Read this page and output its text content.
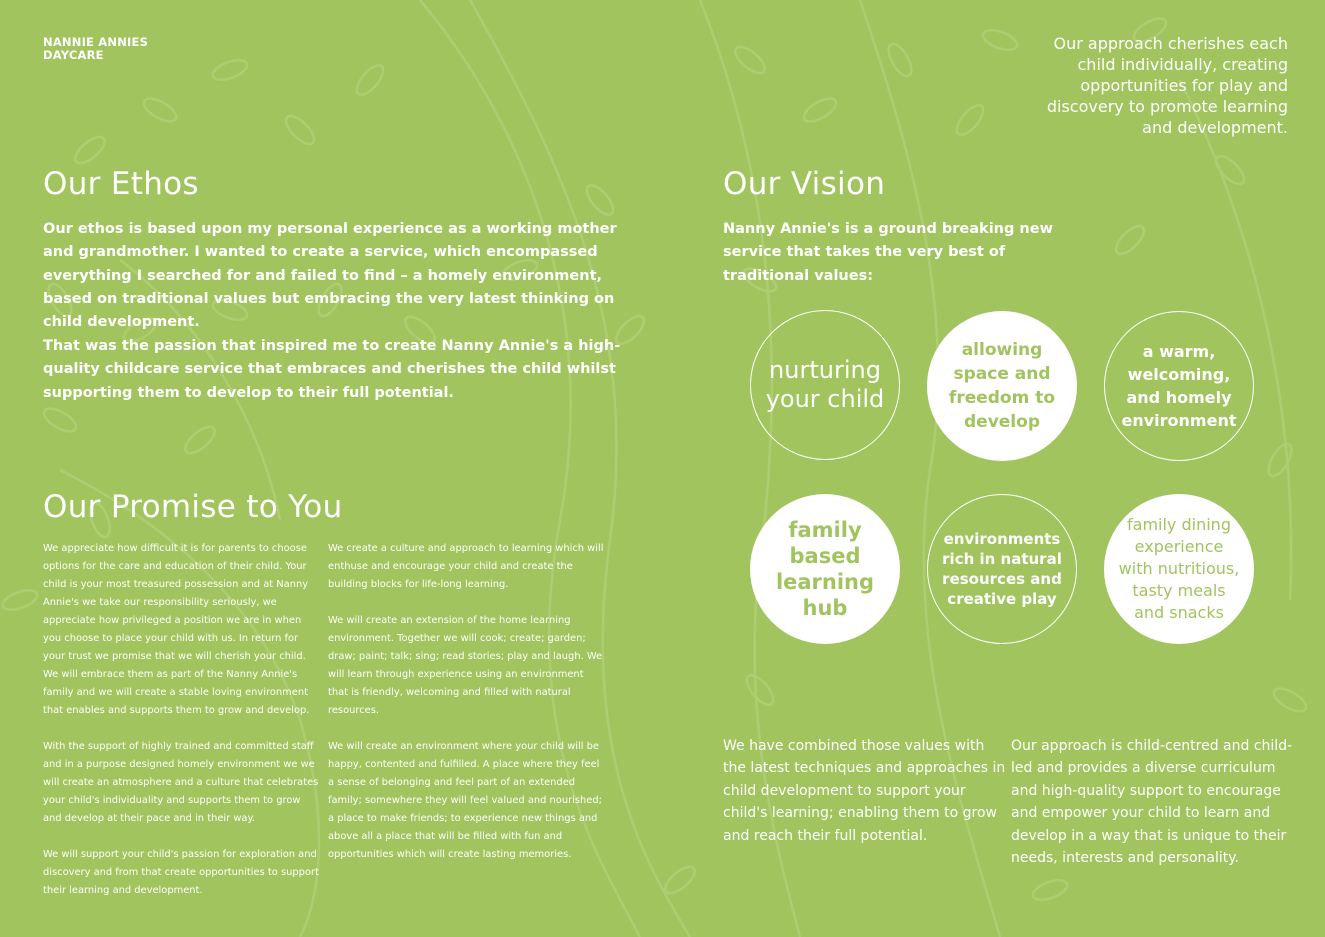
NANNIE ANNIES
DAYCARE
Our approach cherishes each child individually, creating opportunities for play and discovery to promote learning and development.
Our Ethos

Our ethos is based upon my personal experience as a working mother and grandmother. I wanted to create a service, which encompassed everything I searched for and failed to find – a homely environment, based on traditional values but embracing the very latest thinking on child development.

That was the passion that inspired me to create Nanny Annie's a high-quality childcare service that embraces and cherishes the child whilst supporting them to develop to their full potential.

Our Promise to You

We appreciate how difficult it is for parents to choose options for the care and education of their child. Your child is your most treasured possession and at Nanny Annie's we take our responsibility seriously, we appreciate how privileged a position we are in when you choose to place your child with us. In return for your trust we promise that we will cherish your child. We will embrace them as part of the Nanny Annie's family and we will create a stable loving environment that enables and supports them to grow and develop.

With the support of highly trained and committed staff and in a purpose designed homely environment we we will create an atmosphere and a culture that celebrates your child's individuality and supports them to grow and develop at their pace and in their way.

We will support your child's passion for exploration and discovery and from that create opportunities to support their learning and development.

We create a culture and approach to learning which will enthuse and encourage your child and create the building blocks for life-long learning.

We will create an extension of the home learning environment. Together we will cook; create; garden; draw; paint; talk; sing; read stories; play and laugh. We will learn through experience using an environment that is friendly, welcoming and filled with natural resources.

We will create an environment where your child will be happy, contented and fulfilled. A place where they feel a sense of belonging and feel part of an extended family; somewhere they will feel valued and nourished; a place to make friends; to experience new things and above all a place that will be filled with fun and opportunities which will create lasting memories.

Our Vision

Nanny Annie's is a ground breaking new service that takes the very best of traditional values:

nurturing your child
allowing space and freedom to develop
a warm, welcoming, and homely environment
family based learning hub
environments rich in natural resources and creative play
family dining experience with nutritious, tasty meals and snacks
We have combined those values with the latest techniques and approaches in child development to support your child's learning; enabling them to grow and reach their full potential.
Our approach is child-centred and child-led and provides a diverse curriculum and high-quality support to encourage and empower your child to learn and develop in a way that is unique to their needs, interests and personality.
